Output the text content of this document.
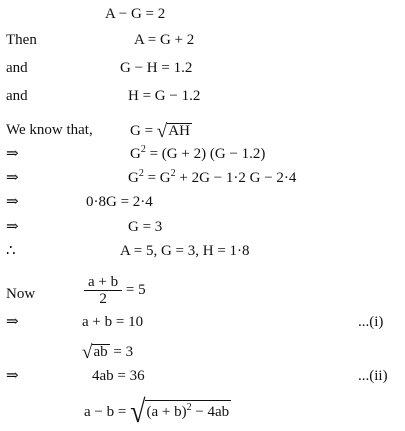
A − G = 2
Then	A = G + 2
and	G − H = 1.2
and	H = G − 1.2
We know that, G = √AH
⇒	$G^2 = (G + 2) (G - 1.2)$
⇒	$G^2 = G^2 + 2G - 1\cdot 2$ G − 2·4
⇒	0·8G = 2·4
⇒	G = 3
∴	A = 5, G = 3, H = 1·8
Now	$\frac{a + b}{2} = 5$
⇒	a + b = 10	...(i)
√ab = 3
⇒	4ab = 36	...(ii)
$a - b = √(a + b)^2 - 4ab$
